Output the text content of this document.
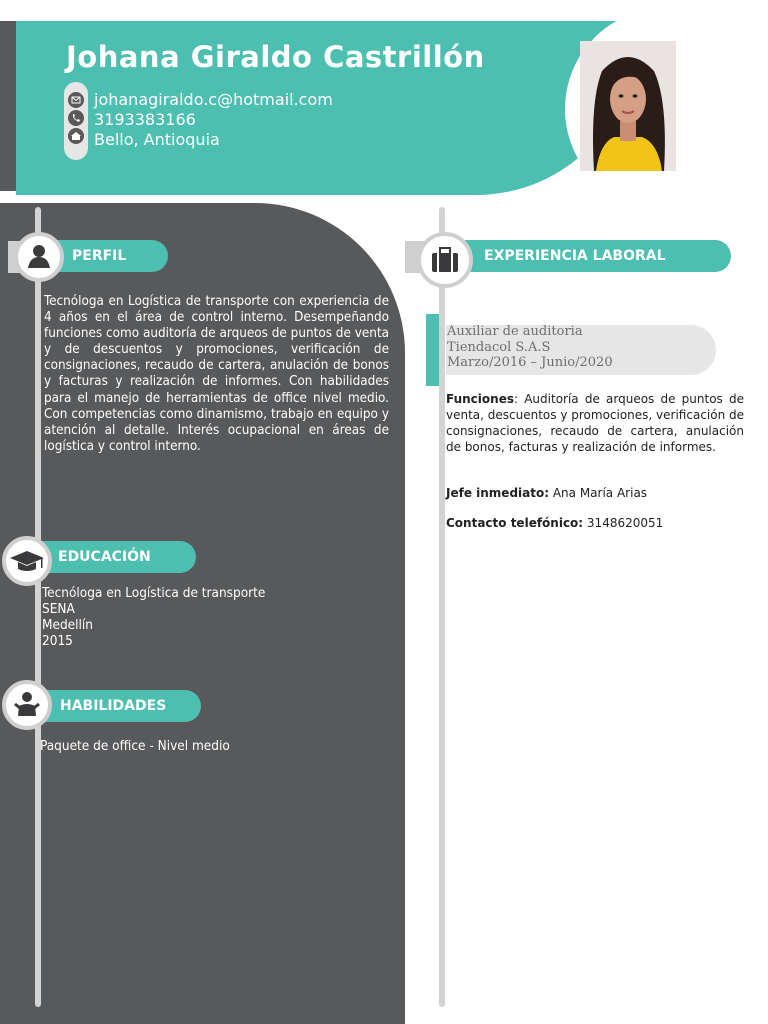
Johana Giraldo Castrillón
johanagiraldo.c@hotmail.com
3193383166
Bello, Antioquia
PERFIL
Tecnóloga en Logística de transporte con experiencia de 4 años en el área de control interno. Desempeñando funciones como auditoría de arqueos de puntos de venta y de descuentos y promociones, verificación de consignaciones, recaudo de cartera, anulación de bonos y facturas y realización de informes. Con habilidades para el manejo de herramientas de office nivel medio. Con competencias como dinamismo, trabajo en equipo y atención al detalle. Interés ocupacional en áreas de logística y control interno.
EDUCACIÓN
Tecnóloga en Logística de transporte
SENA
Medellín
2015
HABILIDADES
Paquete de office - Nivel medio
EXPERIENCIA LABORAL
Auxiliar de auditoria
Tiendacol S.A.S
Marzo/2016 – Junio/2020
Funciones: Auditoría de arqueos de puntos de venta, descuentos y promociones, verificación de consignaciones, recaudo de cartera, anulación de bonos, facturas y realización de informes.
Jefe inmediato: Ana María Arias
Contacto telefónico: 3148620051
